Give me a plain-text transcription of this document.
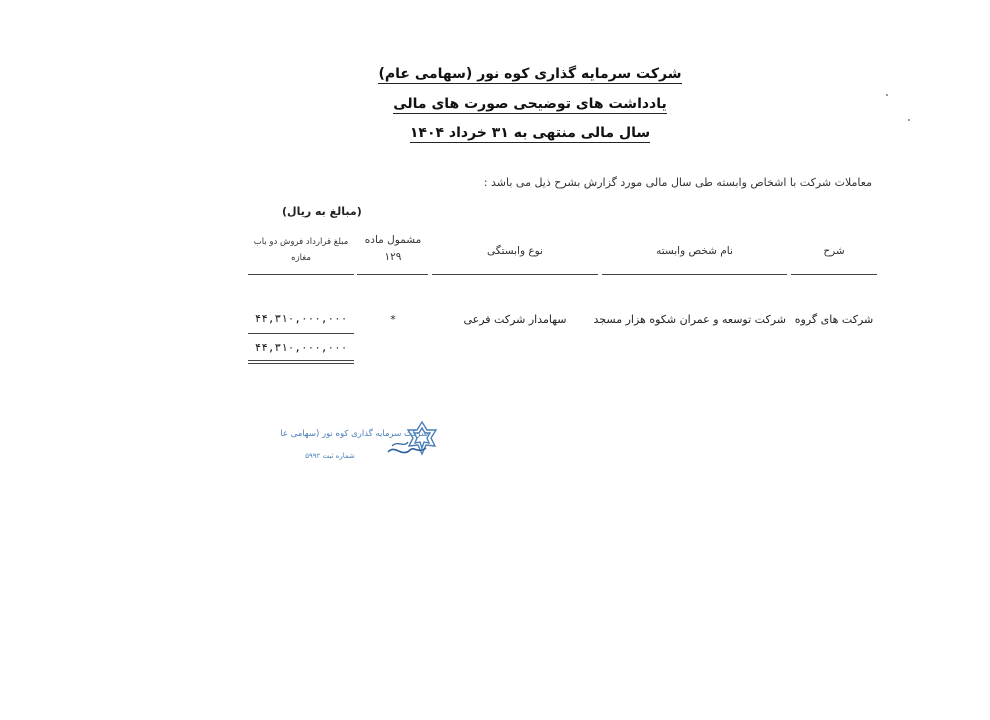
شرکت سرمایه گذاری کوه نور (سهامی عام)
یادداشت های توضیحی صورت های مالی
سال مالی منتهی به ۳۱ خرداد ۱۴۰۴
معاملات شرکت با اشخاص وابسته طی سال مالی مورد گزارش بشرح ذیل می باشد :
(مبالغ به ریال)
شرح
نام شخص وابسته
نوع وابستگی
مشمول ماده
۱۲۹
مبلغ قرارداد فروش دو باب
مغازه
شرکت های گروه
شرکت توسعه و عمران شکوه هزار مسجد
سهامدار شرکت فرعی
*
۴۴,۳۱۰,۰۰۰,۰۰۰
۴۴,۳۱۰,۰۰۰,۰۰۰
شرکت سرمایه گذاری کوه نور (سهامی عام)
شماره ثبت ۵۹۹۲
